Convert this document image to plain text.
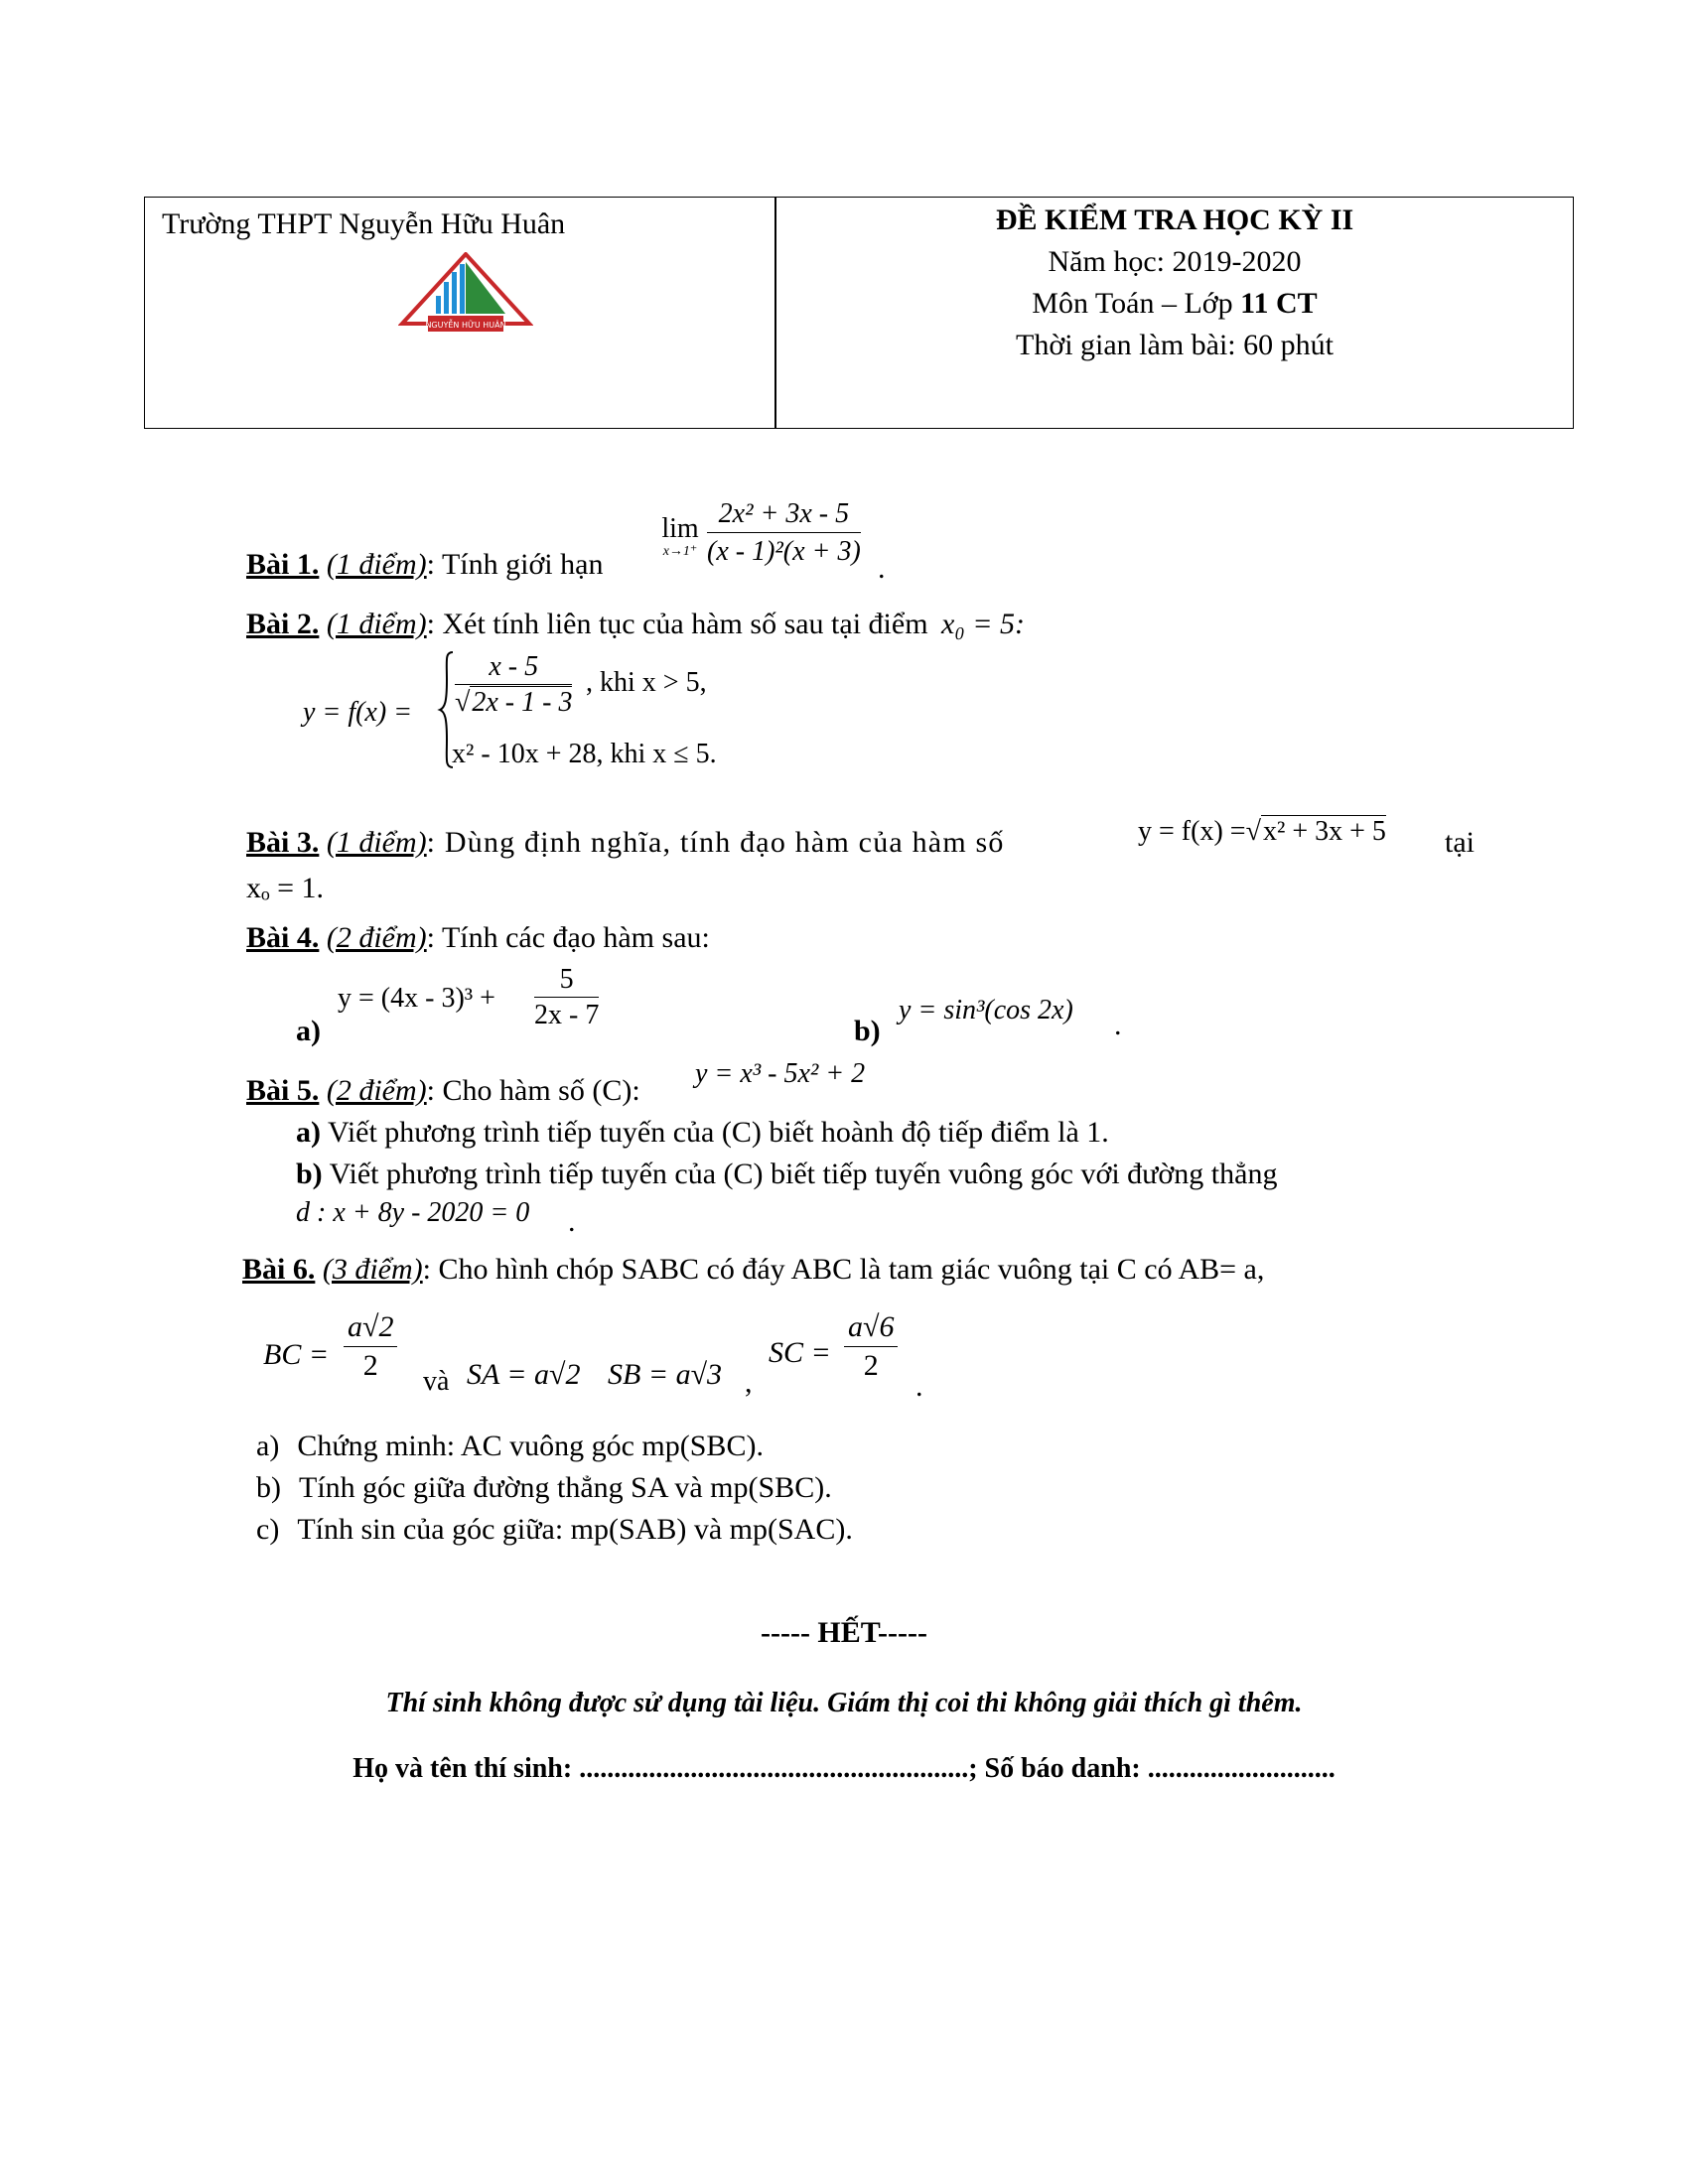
Trường THPT Nguyễn Hữu Huân
NGUYỄN HỮU HUÂN
ĐỀ KIỂM TRA HỌC KỲ II
Năm học: 2019-2020
Môn Toán – Lớp 11 CT
Thời gian làm bài: 60 phút
Bài 1. (1 điểm): Tính giới hạn
lim
$x\to 1^+ \frac{\text{2x² + 3x - 5}}{\text{(x - 1)²(x + 3)}}$ .
Bài 2. (1 điểm): Xét tính liên tục của hàm số sau tại điểm x₀ = 5:
y = f(x) =
x - 5
√2x - 1 - 3
, khi x > 5,
x² - 10x + 28, khi x ≤ 5.
Bài 3. (1 điểm): Dùng định nghĩa, tính đạo hàm của hàm số	y = f(x) =√x² + 3x + 5 tại
xₒ = 1.
Bài 4. (2 điểm): Tính các đạo hàm sau:
a)
$y = (4x - 3)^3 + \frac{5}{2x - 7}$	b)
y = sin³(cos 2x) .
Bài 5. (2 điểm): Cho hàm số (C):
y = x³ - 5x² + 2
a) Viết phương trình tiếp tuyến của (C) biết hoành độ tiếp điểm là 1.
b) Viết phương trình tiếp tuyến của (C) biết tiếp tuyến vuông góc với đường thẳng
d : x + 8y - 2020 = 0 .
Bài 6. (3 điểm): Cho hình chóp SABC có đáy ABC là tam giác vuông tại C có AB= a,
BC = $\frac{a√2}{2}$ và SA = a√2 SB = a√3 ,
SC = $\frac{a√6}{2}$
.
a) Chứng minh: AC vuông góc mp(SBC).
b) Tính góc giữa đường thẳng SA và mp(SBC).
c) Tính sin của góc giữa: mp(SAB) và mp(SAC).
----- HẾT-----
Thí sinh không được sử dụng tài liệu. Giám thị coi thi không giải thích gì thêm.
Họ và tên thí sinh: ........................................................; Số báo danh: ...........................
